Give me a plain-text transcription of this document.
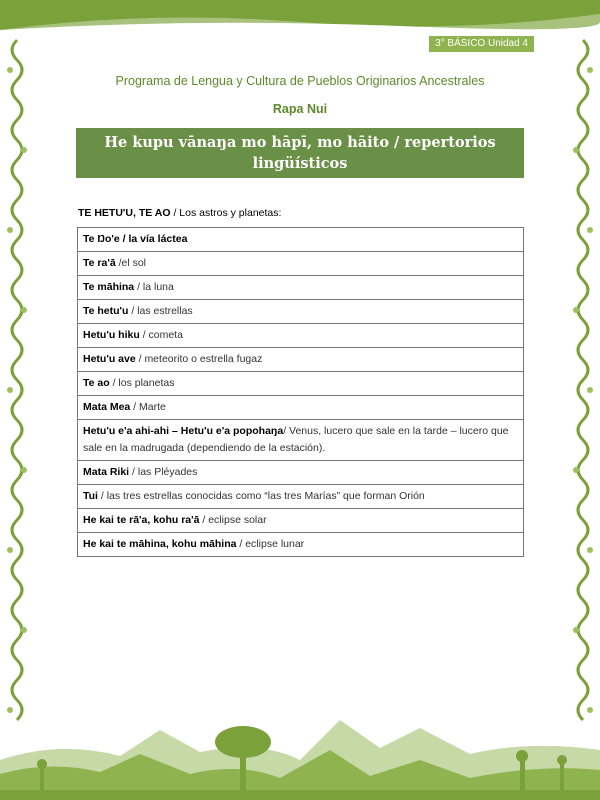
3° BÁSICO Unidad 4
Programa de Lengua y Cultura de Pueblos Originarios Ancestrales
Rapa Nui
He kupu vānaŋa mo hāpī, mo hāito / repertorios
lingüísticos
TE HETU'U, TE AO / Los astros y planetas:
Te Ŋo'e / la vía láctea
Te ra'ā /el sol
Te māhina / la luna
Te hetu'u / las estrellas
Hetu'u hiku / cometa
Hetu'u ave / meteorito o estrella fugaz
Te ao / los planetas
Mata Mea / Marte
Hetu'u e'a ahi-ahi – Hetu'u e'a popohaŋa/ Venus, lucero que sale en la tarde – lucero que sale en la madrugada (dependiendo de la estación).
Mata Riki / las Pléyades
Tui / las tres estrellas conocidas como “las tres Marías” que forman Orión
He kai te rā'a, kohu ra'ā / eclipse solar
He kai te māhina, kohu māhina / eclipse lunar
